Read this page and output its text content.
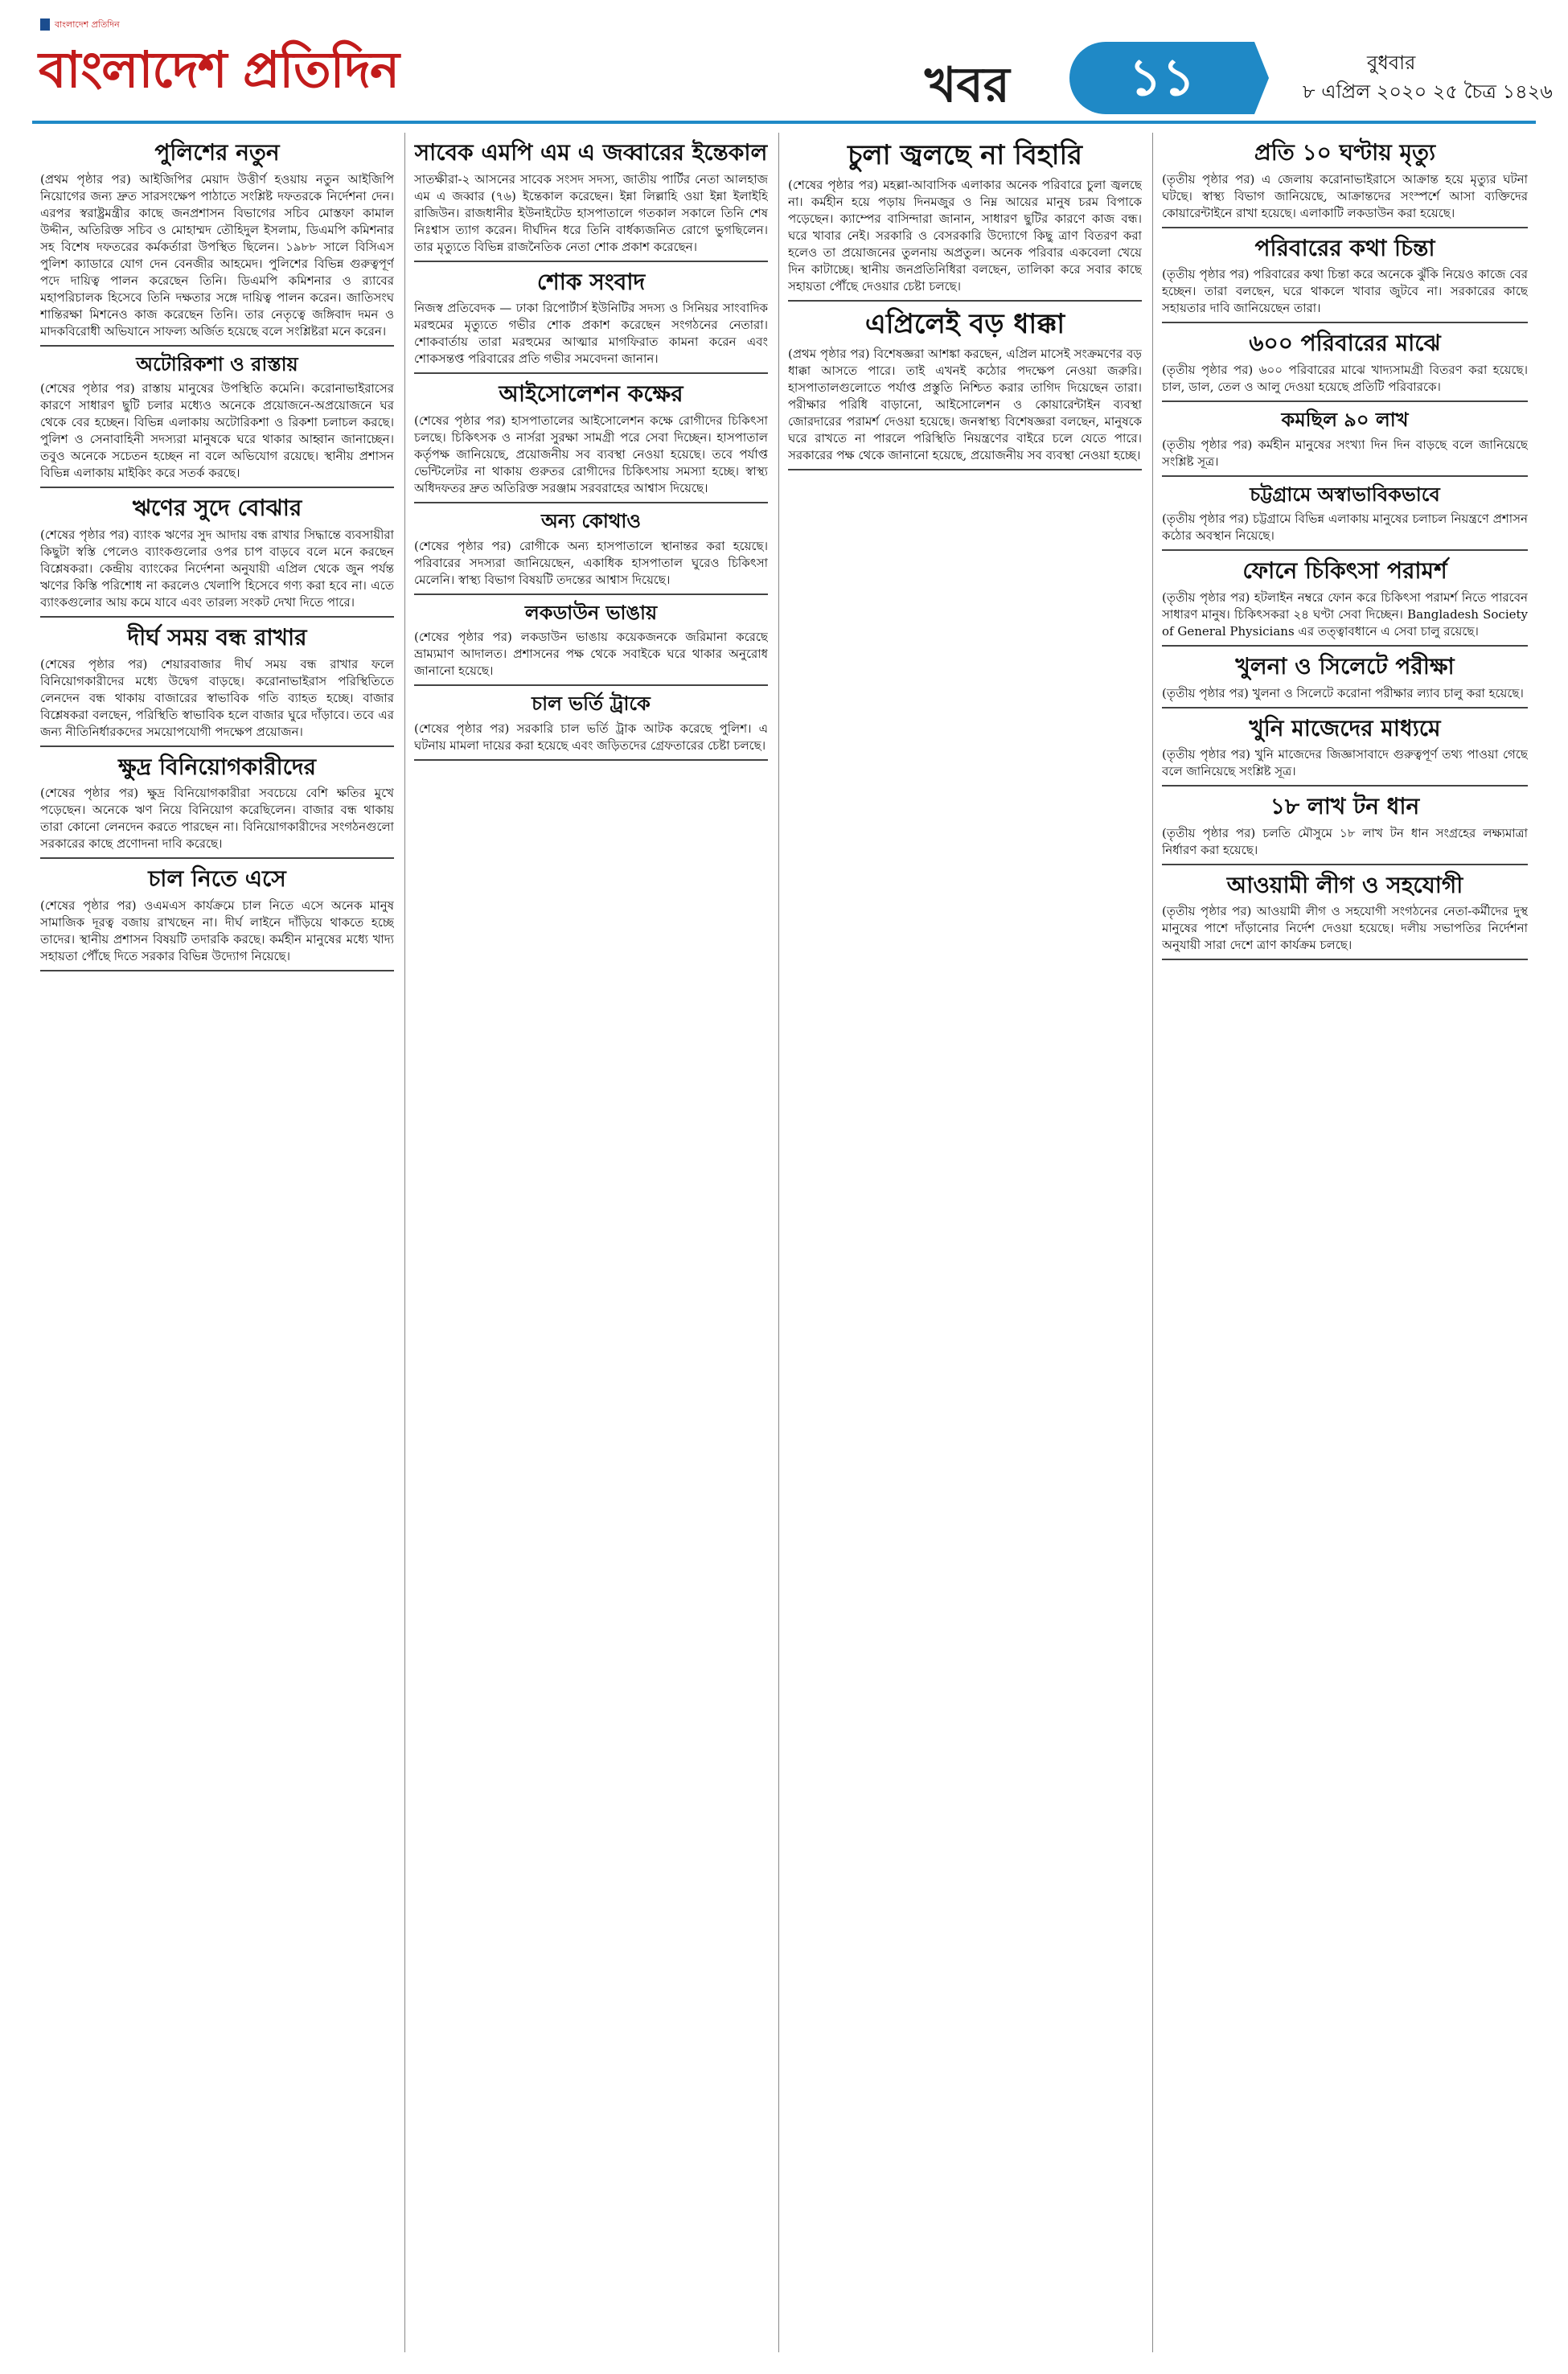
বাংলাদেশ প্রতিদিন
বাংলাদেশ প্রতিদিন	খবর	১১	বুধবার
৮ এপ্রিল ২০২০ ২৫ চৈত্র ১৪২৬
পুলিশের নতুন

(প্রথম পৃষ্ঠার পর) আইজিপির মেয়াদ উত্তীর্ণ হওয়ায় নতুন আইজিপি নিয়োগের জন্য দ্রুত সারসংক্ষেপ পাঠাতে সংশ্লিষ্ট দফতরকে নির্দেশনা দেন। এরপর স্বরাষ্ট্রমন্ত্রীর কাছে জনপ্রশাসন বিভাগের সচিব মোস্তফা কামাল উদ্দীন, অতিরিক্ত সচিব ও মোহাম্মদ তৌহিদুল ইসলাম, ডিএমপি কমিশনার সহ বিশেষ দফতরের কর্মকর্তারা উপস্থিত ছিলেন। ১৯৮৮ সালে বিসিএস পুলিশ ক্যাডারে যোগ দেন বেনজীর আহমেদ। পুলিশের বিভিন্ন গুরুত্বপূর্ণ পদে দায়িত্ব পালন করেছেন তিনি। ডিএমপি কমিশনার ও র‌্যাবের মহাপরিচালক হিসেবে তিনি দক্ষতার সঙ্গে দায়িত্ব পালন করেন। জাতিসংঘ শান্তিরক্ষা মিশনেও কাজ করেছেন তিনি। তার নেতৃত্বে জঙ্গিবাদ দমন ও মাদকবিরোধী অভিযানে সাফল্য অর্জিত হয়েছে বলে সংশ্লিষ্টরা মনে করেন।

অটোরিকশা ও রাস্তায়

(শেষের পৃষ্ঠার পর) রাস্তায় মানুষের উপস্থিতি কমেনি। করোনাভাইরাসের কারণে সাধারণ ছুটি চলার মধ্যেও অনেকে প্রয়োজনে-অপ্রয়োজনে ঘর থেকে বের হচ্ছেন। বিভিন্ন এলাকায় অটোরিকশা ও রিকশা চলাচল করছে। পুলিশ ও সেনাবাহিনী সদস্যরা মানুষকে ঘরে থাকার আহ্বান জানাচ্ছেন। তবুও অনেকে সচেতন হচ্ছেন না বলে অভিযোগ রয়েছে। স্থানীয় প্রশাসন বিভিন্ন এলাকায় মাইকিং করে সতর্ক করছে।

ঋণের সুদে বোঝার

(শেষের পৃষ্ঠার পর) ব্যাংক ঋণের সুদ আদায় বন্ধ রাখার সিদ্ধান্তে ব্যবসায়ীরা কিছুটা স্বস্তি পেলেও ব্যাংকগুলোর ওপর চাপ বাড়বে বলে মনে করছেন বিশ্লেষকরা। কেন্দ্রীয় ব্যাংকের নির্দেশনা অনুযায়ী এপ্রিল থেকে জুন পর্যন্ত ঋণের কিস্তি পরিশোধ না করলেও খেলাপি হিসেবে গণ্য করা হবে না। এতে ব্যাংকগুলোর আয় কমে যাবে এবং তারল্য সংকট দেখা দিতে পারে।

দীর্ঘ সময় বন্ধ রাখার

(শেষের পৃষ্ঠার পর) শেয়ারবাজার দীর্ঘ সময় বন্ধ রাখার ফলে বিনিয়োগকারীদের মধ্যে উদ্বেগ বাড়ছে। করোনাভাইরাস পরিস্থিতিতে লেনদেন বন্ধ থাকায় বাজারের স্বাভাবিক গতি ব্যাহত হচ্ছে। বাজার বিশ্লেষকরা বলছেন, পরিস্থিতি স্বাভাবিক হলে বাজার ঘুরে দাঁড়াবে। তবে এর জন্য নীতিনির্ধারকদের সময়োপযোগী পদক্ষেপ প্রয়োজন।

ক্ষুদ্র বিনিয়োগকারীদের

(শেষের পৃষ্ঠার পর) ক্ষুদ্র বিনিয়োগকারীরা সবচেয়ে বেশি ক্ষতির মুখে পড়েছেন। অনেকে ঋণ নিয়ে বিনিয়োগ করেছিলেন। বাজার বন্ধ থাকায় তারা কোনো লেনদেন করতে পারছেন না। বিনিয়োগকারীদের সংগঠনগুলো সরকারের কাছে প্রণোদনা দাবি করেছে।

চাল নিতে এসে

(শেষের পৃষ্ঠার পর) ওএমএস কার্যক্রমে চাল নিতে এসে অনেক মানুষ সামাজিক দূরত্ব বজায় রাখছেন না। দীর্ঘ লাইনে দাঁড়িয়ে থাকতে হচ্ছে তাদের। স্থানীয় প্রশাসন বিষয়টি তদারকি করছে। কর্মহীন মানুষের মধ্যে খাদ্য সহায়তা পৌঁছে দিতে সরকার বিভিন্ন উদ্যোগ নিয়েছে।

সাবেক এমপি এম এ জব্বারের ইন্তেকাল

সাতক্ষীরা-২ আসনের সাবেক সংসদ সদস্য, জাতীয় পার্টির নেতা আলহাজ এম এ জব্বার (৭৬) ইন্তেকাল করেছেন। ইন্না লিল্লাহি ওয়া ইন্না ইলাইহি রাজিউন। রাজধানীর ইউনাইটেড হাসপাতালে গতকাল সকালে তিনি শেষ নিঃশ্বাস ত্যাগ করেন। দীর্ঘদিন ধরে তিনি বার্ধক্যজনিত রোগে ভুগছিলেন। তার মৃত্যুতে বিভিন্ন রাজনৈতিক নেতা শোক প্রকাশ করেছেন।

শোক সংবাদ

নিজস্ব প্রতিবেদক — ঢাকা রিপোর্টার্স ইউনিটির সদস্য ও সিনিয়র সাংবাদিক মরহুমের মৃত্যুতে গভীর শোক প্রকাশ করেছেন সংগঠনের নেতারা। শোকবার্তায় তারা মরহুমের আত্মার মাগফিরাত কামনা করেন এবং শোকসন্তপ্ত পরিবারের প্রতি গভীর সমবেদনা জানান।

আইসোলেশন কক্ষের

(শেষের পৃষ্ঠার পর) হাসপাতালের আইসোলেশন কক্ষে রোগীদের চিকিৎসা চলছে। চিকিৎসক ও নার্সরা সুরক্ষা সামগ্রী পরে সেবা দিচ্ছেন। হাসপাতাল কর্তৃপক্ষ জানিয়েছে, প্রয়োজনীয় সব ব্যবস্থা নেওয়া হয়েছে। তবে পর্যাপ্ত ভেন্টিলেটর না থাকায় গুরুতর রোগীদের চিকিৎসায় সমস্যা হচ্ছে। স্বাস্থ্য অধিদফতর দ্রুত অতিরিক্ত সরঞ্জাম সরবরাহের আশ্বাস দিয়েছে।

অন্য কোথাও

(শেষের পৃষ্ঠার পর) রোগীকে অন্য হাসপাতালে স্থানান্তর করা হয়েছে। পরিবারের সদস্যরা জানিয়েছেন, একাধিক হাসপাতাল ঘুরেও চিকিৎসা মেলেনি। স্বাস্থ্য বিভাগ বিষয়টি তদন্তের আশ্বাস দিয়েছে।

লকডাউন ভাঙায়

(শেষের পৃষ্ঠার পর) লকডাউন ভাঙায় কয়েকজনকে জরিমানা করেছে ভ্রাম্যমাণ আদালত। প্রশাসনের পক্ষ থেকে সবাইকে ঘরে থাকার অনুরোধ জানানো হয়েছে।

চাল ভর্তি ট্রাকে

(শেষের পৃষ্ঠার পর) সরকারি চাল ভর্তি ট্রাক আটক করেছে পুলিশ। এ ঘটনায় মামলা দায়ের করা হয়েছে এবং জড়িতদের গ্রেফতারের চেষ্টা চলছে।

চুলা জ্বলছে না বিহারি

(শেষের পৃষ্ঠার পর) মহল্লা-আবাসিক এলাকার অনেক পরিবারে চুলা জ্বলছে না। কর্মহীন হয়ে পড়ায় দিনমজুর ও নিম্ন আয়ের মানুষ চরম বিপাকে পড়েছেন। ক্যাম্পের বাসিন্দারা জানান, সাধারণ ছুটির কারণে কাজ বন্ধ। ঘরে খাবার নেই। সরকারি ও বেসরকারি উদ্যোগে কিছু ত্রাণ বিতরণ করা হলেও তা প্রয়োজনের তুলনায় অপ্রতুল। অনেক পরিবার একবেলা খেয়ে দিন কাটাচ্ছে। স্থানীয় জনপ্রতিনিধিরা বলছেন, তালিকা করে সবার কাছে সহায়তা পৌঁছে দেওয়ার চেষ্টা চলছে।

এপ্রিলেই বড় ধাক্কা

(প্রথম পৃষ্ঠার পর) বিশেষজ্ঞরা আশঙ্কা করছেন, এপ্রিল মাসেই সংক্রমণের বড় ধাক্কা আসতে পারে। তাই এখনই কঠোর পদক্ষেপ নেওয়া জরুরি। হাসপাতালগুলোতে পর্যাপ্ত প্রস্তুতি নিশ্চিত করার তাগিদ দিয়েছেন তারা। পরীক্ষার পরিধি বাড়ানো, আইসোলেশন ও কোয়ারেন্টাইন ব্যবস্থা জোরদারের পরামর্শ দেওয়া হয়েছে। জনস্বাস্থ্য বিশেষজ্ঞরা বলছেন, মানুষকে ঘরে রাখতে না পারলে পরিস্থিতি নিয়ন্ত্রণের বাইরে চলে যেতে পারে। সরকারের পক্ষ থেকে জানানো হয়েছে, প্রয়োজনীয় সব ব্যবস্থা নেওয়া হচ্ছে।

প্রতি ১০ ঘণ্টায় মৃত্যু

(তৃতীয় পৃষ্ঠার পর) এ জেলায় করোনাভাইরাসে আক্রান্ত হয়ে মৃত্যুর ঘটনা ঘটছে। স্বাস্থ্য বিভাগ জানিয়েছে, আক্রান্তদের সংস্পর্শে আসা ব্যক্তিদের কোয়ারেন্টাইনে রাখা হয়েছে। এলাকাটি লকডাউন করা হয়েছে।

পরিবারের কথা চিন্তা

(তৃতীয় পৃষ্ঠার পর) পরিবারের কথা চিন্তা করে অনেকে ঝুঁকি নিয়েও কাজে বের হচ্ছেন। তারা বলছেন, ঘরে থাকলে খাবার জুটবে না। সরকারের কাছে সহায়তার দাবি জানিয়েছেন তারা।

৬০০ পরিবারের মাঝে

(তৃতীয় পৃষ্ঠার পর) ৬০০ পরিবারের মাঝে খাদ্যসামগ্রী বিতরণ করা হয়েছে। চাল, ডাল, তেল ও আলু দেওয়া হয়েছে প্রতিটি পরিবারকে।

কমছিল ৯০ লাখ

(তৃতীয় পৃষ্ঠার পর) কর্মহীন মানুষের সংখ্যা দিন দিন বাড়ছে বলে জানিয়েছে সংশ্লিষ্ট সূত্র।

চট্টগ্রামে অস্বাভাবিকভাবে

(তৃতীয় পৃষ্ঠার পর) চট্টগ্রামে বিভিন্ন এলাকায় মানুষের চলাচল নিয়ন্ত্রণে প্রশাসন কঠোর অবস্থান নিয়েছে।

ফোনে চিকিৎসা পরামর্শ

(তৃতীয় পৃষ্ঠার পর) হটলাইন নম্বরে ফোন করে চিকিৎসা পরামর্শ নিতে পারবেন সাধারণ মানুষ। চিকিৎসকরা ২৪ ঘণ্টা সেবা দিচ্ছেন। Bangladesh Society of General Physicians এর তত্ত্বাবধানে এ সেবা চালু রয়েছে।

খুলনা ও সিলেটে পরীক্ষা

(তৃতীয় পৃষ্ঠার পর) খুলনা ও সিলেটে করোনা পরীক্ষার ল্যাব চালু করা হয়েছে।

খুনি মাজেদের মাধ্যমে

(তৃতীয় পৃষ্ঠার পর) খুনি মাজেদের জিজ্ঞাসাবাদে গুরুত্বপূর্ণ তথ্য পাওয়া গেছে বলে জানিয়েছে সংশ্লিষ্ট সূত্র।

১৮ লাখ টন ধান

(তৃতীয় পৃষ্ঠার পর) চলতি মৌসুমে ১৮ লাখ টন ধান সংগ্রহের লক্ষ্যমাত্রা নির্ধারণ করা হয়েছে।

আওয়ামী লীগ ও সহযোগী

(তৃতীয় পৃষ্ঠার পর) আওয়ামী লীগ ও সহযোগী সংগঠনের নেতা-কর্মীদের দুস্থ মানুষের পাশে দাঁড়ানোর নির্দেশ দেওয়া হয়েছে। দলীয় সভাপতির নির্দেশনা অনুযায়ী সারা দেশে ত্রাণ কার্যক্রম চলছে।
